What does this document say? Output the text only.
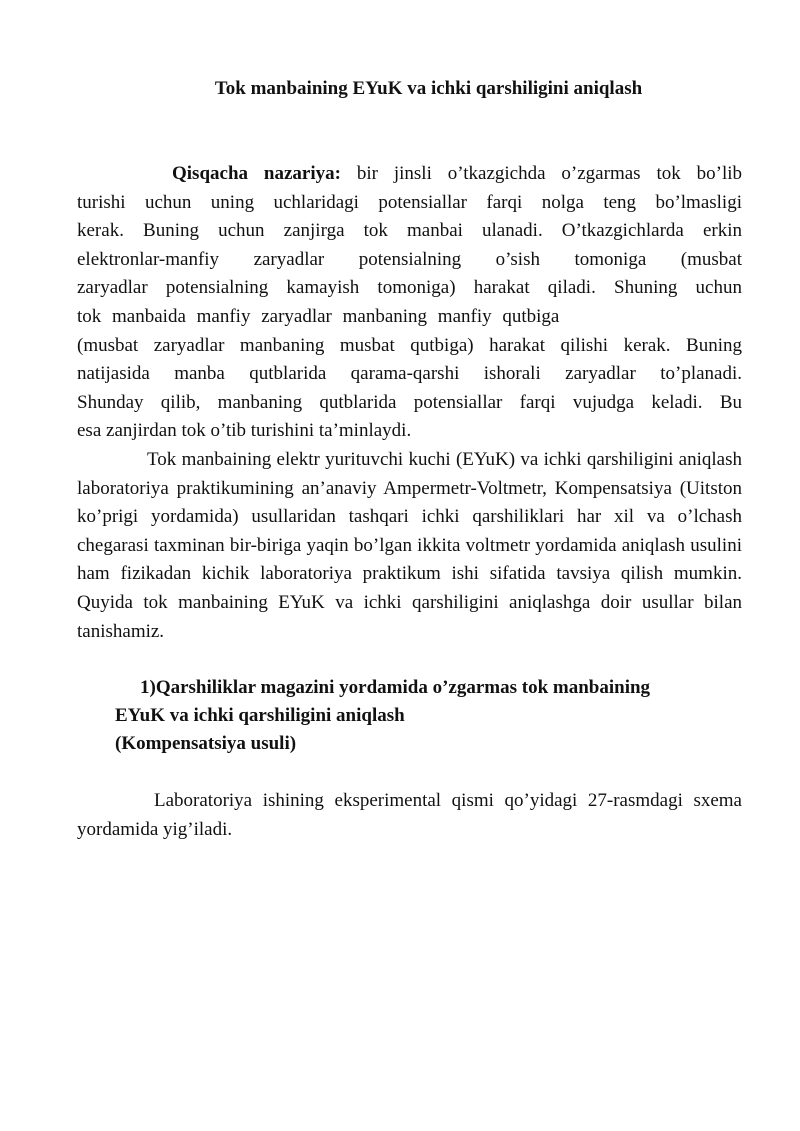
Tok manbaining EYuK va ichki qarshiligini aniqlash
Qisqacha nazariya: bir jinsli o’tkazgichda o’zgarmas tok bo’lib
turishi uchun uning uchlaridagi potensiallar farqi nolga teng bo’lmasligi
kerak. Buning uchun zanjirga tok manbai ulanadi. O’tkazgichlarda erkin
elektronlar-manfiy zaryadlar potensialning o’sish tomoniga (musbat
zaryadlar potensialning kamayish tomoniga) harakat qiladi. Shuning uchun
tok manbaida manfiy zaryadlar manbaning manfiy qutbiga
(musbat zaryadlar manbaning musbat qutbiga) harakat qilishi kerak. Buning
natijasida manba qutblarida qarama-qarshi ishorali zaryadlar to’planadi.
Shunday qilib, manbaning qutblarida potensiallar farqi vujudga keladi. Bu
esa zanjirdan tok o’tib turishini ta’minlaydi.
Tok manbaining elektr yurituvchi kuchi (EYuK) va ichki qarshiligini aniqlash laboratoriya praktikumining an’anaviy Ampermetr-Voltmetr, Kompensatsiya (Uitston ko’prigi yordamida) usullaridan tashqari ichki qarshiliklari har xil va o’lchash chegarasi taxminan bir-biriga yaqin bo’lgan ikkita voltmetr yordamida aniqlash usulini ham fizikadan kichik laboratoriya praktikum ishi sifatida tavsiya qilish mumkin. Quyida tok manbaining EYuK va ichki qarshiligini aniqlashga doir usullar bilan tanishamiz.
1)Qarshiliklar magazini yordamida o’zgarmas tok manbaining
EYuK va ichki qarshiligini aniqlash
(Kompensatsiya usuli)
Laboratoriya ishining eksperimental qismi qo’yidagi 27-rasmdagi sxema yordamida yig’iladi.
